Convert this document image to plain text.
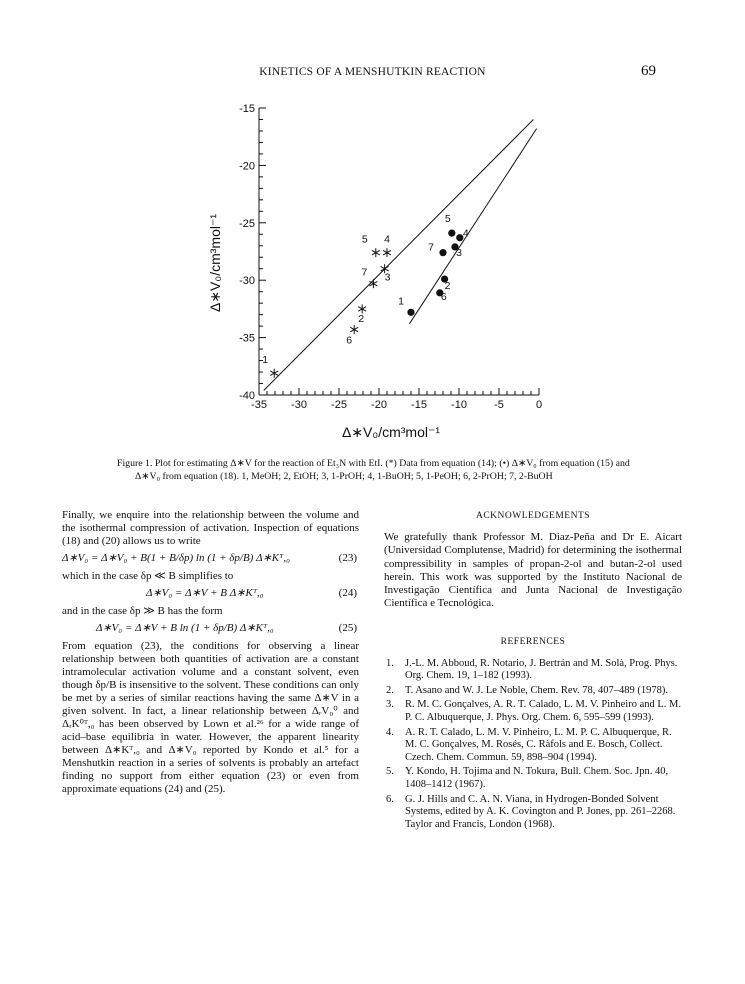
KINETICS OF A MENSHUTKIN REACTION	69
-35 -30 -25 -20 -15 -10 -5	0
-15
-20
-25
-30
-35
-40
1
2
3
4
5
6
7
1
2
3
4
5
6
7
Δ∗V₀/cm³mol⁻¹
Δ∗V₀/cm³mol⁻¹
Figure 1. Plot for estimating Δ∗V for the reaction of Et₃N with EtI. (*) Data from equation (14); (•) Δ∗V₀ from equation (15) and
Δ∗V₀ from equation (18). 1, MeOH; 2, EtOH; 3, 1-PrOH; 4, 1-BuOH; 5, 1-PeOH; 6, 2-PrOH; 7, 2-BuOH

Finally, we enquire into the relationship between the volume and the isothermal compression of activation. Inspection of equations (18) and (20) allows us to write

Δ∗V₀ = Δ∗V₀ + B(1 + B/δp) ln (1 + δp/B) Δ∗Kᵀ,₀	(23)

which in the case δp ≪ B simplifies to

Δ∗V₀ = Δ∗V + B Δ∗Kᵀ,₀	(24)

and in the case δp ≫ B has the form

Δ∗V₀ = Δ∗V + B ln (1 + δp/B) Δ∗Kᵀ,₀	(25)

From equation (23), the conditions for observing a linear relationship between both quantities of activation are a constant intramolecular activation volume and a constant solvent, even though δp/B is insensitive to the solvent. These conditions can only be met by a series of similar reactions having the same Δ∗V in a given solvent. In fact, a linear relationship between ΔᵣV₀⁰ and ΔᵣK⁰ᵀ,₀ has been observed by Lown et al.²⁶ for a wide range of acid–base equilibria in water. However, the apparent linearity between Δ∗Kᵀ,₀ and Δ∗V₀ reported by Kondo et al.⁵ for a Menshutkin reaction in a series of solvents is probably an artefact finding no support from either equation (23) or even from approximate equations (24) and (25).

ACKNOWLEDGEMENTS

We gratefully thank Professor M. Diaz-Peña and Dr E. Aicart (Universidad Complutense, Madrid) for determining the isothermal compressibility in samples of propan-2-ol and butan-2-ol used herein. This work was supported by the Instituto Nacional de Investigação Científica and Junta Nacional de Investigação Científica e Tecnológica.

REFERENCES
1. J.-L. M. Abboud, R. Notario, J. Bertrán and M. Solà, Prog. Phys. Org. Chem. 19, 1–182 (1993).
2. T. Asano and W. J. Le Noble, Chem. Rev. 78, 407–489 (1978).
3. R. M. C. Gonçalves, A. R. T. Calado, L. M. V. Pinheiro and L. M. P. C. Albuquerque, J. Phys. Org. Chem. 6, 595–599 (1993).
4. A. R. T. Calado, L. M. V. Pinheiro, L. M. P. C. Albuquerque, R. M. C. Gonçalves, M. Rosés, C. Ràfols and E. Bosch, Collect. Czech. Chem. Commun. 59, 898–904 (1994).
5. Y. Kondo, H. Tojima and N. Tokura, Bull. Chem. Soc. Jpn. 40, 1408–1412 (1967).
6. G. J. Hills and C. A. N. Viana, in Hydrogen-Bonded Solvent Systems, edited by A. K. Covington and P. Jones, pp. 261–2268. Taylor and Francis, London (1968).
